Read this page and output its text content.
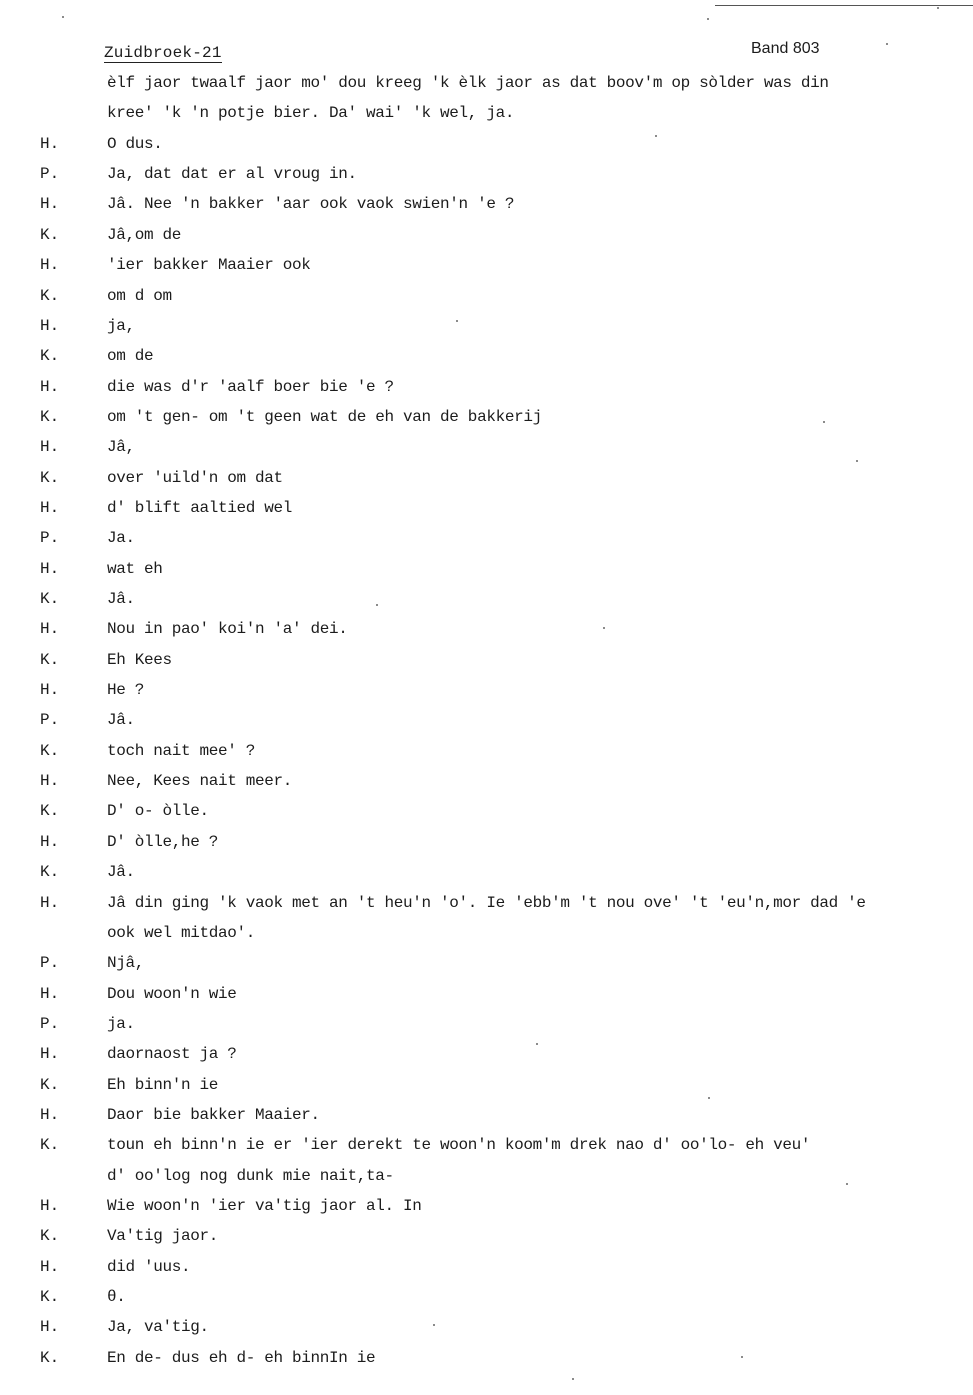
Zuidbroek-21	Band 803
èlf jaor twaalf jaor mo' dou kreeg 'k èlk jaor as dat boov'm op sòlder was din
kree' 'k 'n potje bier. Da' wai' 'k wel, ja.
H.	O dus.
P.	Ja, dat dat er al vroug in.
H.	Jâ. Nee 'n bakker 'aar ook vaok swien'n 'e ?
K.	Jâ,om de
H.	'ier bakker Maaier ook
K.	om d om
H.	ja,
K.	om de
H.	die was d'r 'aalf boer bie 'e ?
K.	om 't gen- om 't geen wat de eh van de bakkerij
H.	Jâ,
K.	over 'uild'n om dat
H.	d' blift aaltied wel
P.	Ja.
H.	wat eh
K.	Jâ.
H.	Nou in pao' koi'n 'a' dei.
K.	Eh Kees
H.	He ?
P.	Jâ.
K.	toch nait mee' ?
H.	Nee, Kees nait meer.
K.	D' o- òlle.
H.	D' òlle,he ?
K.	Jâ.
H.	Jâ din ging 'k vaok met an 't heu'n 'o'. Ie 'ebb'm 't nou ove' 't 'eu'n,mor dad 'e
ook wel mitdao'.
P.	Njâ,
H.	Dou woon'n wie
P.	ja.
H.	daornaost ja ?
K.	Eh binn'n ie
H.	Daor bie bakker Maaier.
K.	toun eh binn'n ie er 'ier derekt te woon'n koom'm drek nao d' oo'lo- eh veu'
d' oo'log nog dunk mie nait,ta-
H.	Wie woon'n 'ier va'tig jaor al. In
K.	Va'tig jaor.
H.	did 'uus.
K.	θ.
H.	Ja, va'tig.
K.	En de- dus eh d- eh binnIn ie
